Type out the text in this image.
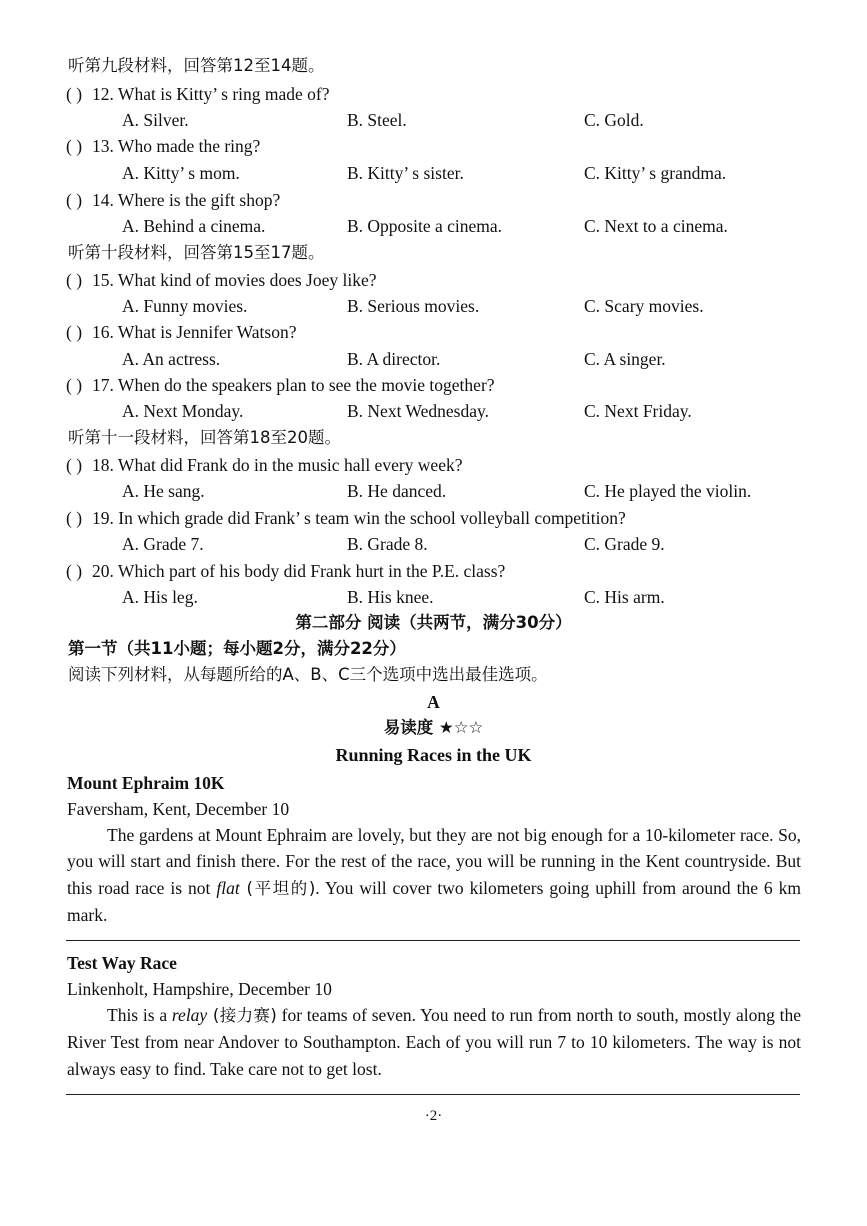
听第九段材料，回答第12至14题。
( ) 12. What is Kitty’ s ring made of?
A. Silver.	B. Steel.	C. Gold.
( ) 13. Who made the ring?
A. Kitty’ s mom.	B. Kitty’ s sister.	C. Kitty’ s grandma.
( ) 14. Where is the gift shop?
A. Behind a cinema.	B. Opposite a cinema.	C. Next to a cinema.
听第十段材料，回答第15至17题。
( ) 15. What kind of movies does Joey like?
A. Funny movies.	B. Serious movies.	C. Scary movies.
( ) 16. What is Jennifer Watson?
A. An actress.	B. A director.	C. A singer.
( ) 17. When do the speakers plan to see the movie together?
A. Next Monday.	B. Next Wednesday.	C. Next Friday.
听第十一段材料，回答第18至20题。
( ) 18. What did Frank do in the music hall every week?
A. He sang.	B. He danced.	C. He played the violin.
( ) 19. In which grade did Frank’ s team win the school volleyball competition?
A. Grade 7.	B. Grade 8.	C. Grade 9.
( ) 20. Which part of his body did Frank hurt in the P.E. class?
A. His leg.	B. His knee.	C. His arm.
第二部分 阅读（共两节，满分30分）
第一节（共11小题；每小题2分，满分22分）
阅读下列材料，从每题所给的A、B、C三个选项中选出最佳选项。
A
易读度 ★☆☆
Running Races in the UK
Mount Ephraim 10K
Faversham, Kent, December 10
The gardens at Mount Ephraim are lovely, but they are not big enough for a 10-kilometer race. So, you will start and finish there. For the rest of the race, you will be running in the Kent countryside. But this road race is not flat (平坦的). You will cover two kilometers going uphill from around the 6 km mark.
Test Way Race
Linkenholt, Hampshire, December 10
This is a relay (接力赛) for teams of seven. You need to run from north to south, mostly along the River Test from near Andover to Southampton. Each of you will run 7 to 10 kilometers. The way is not always easy to find. Take care not to get lost.
·2·
